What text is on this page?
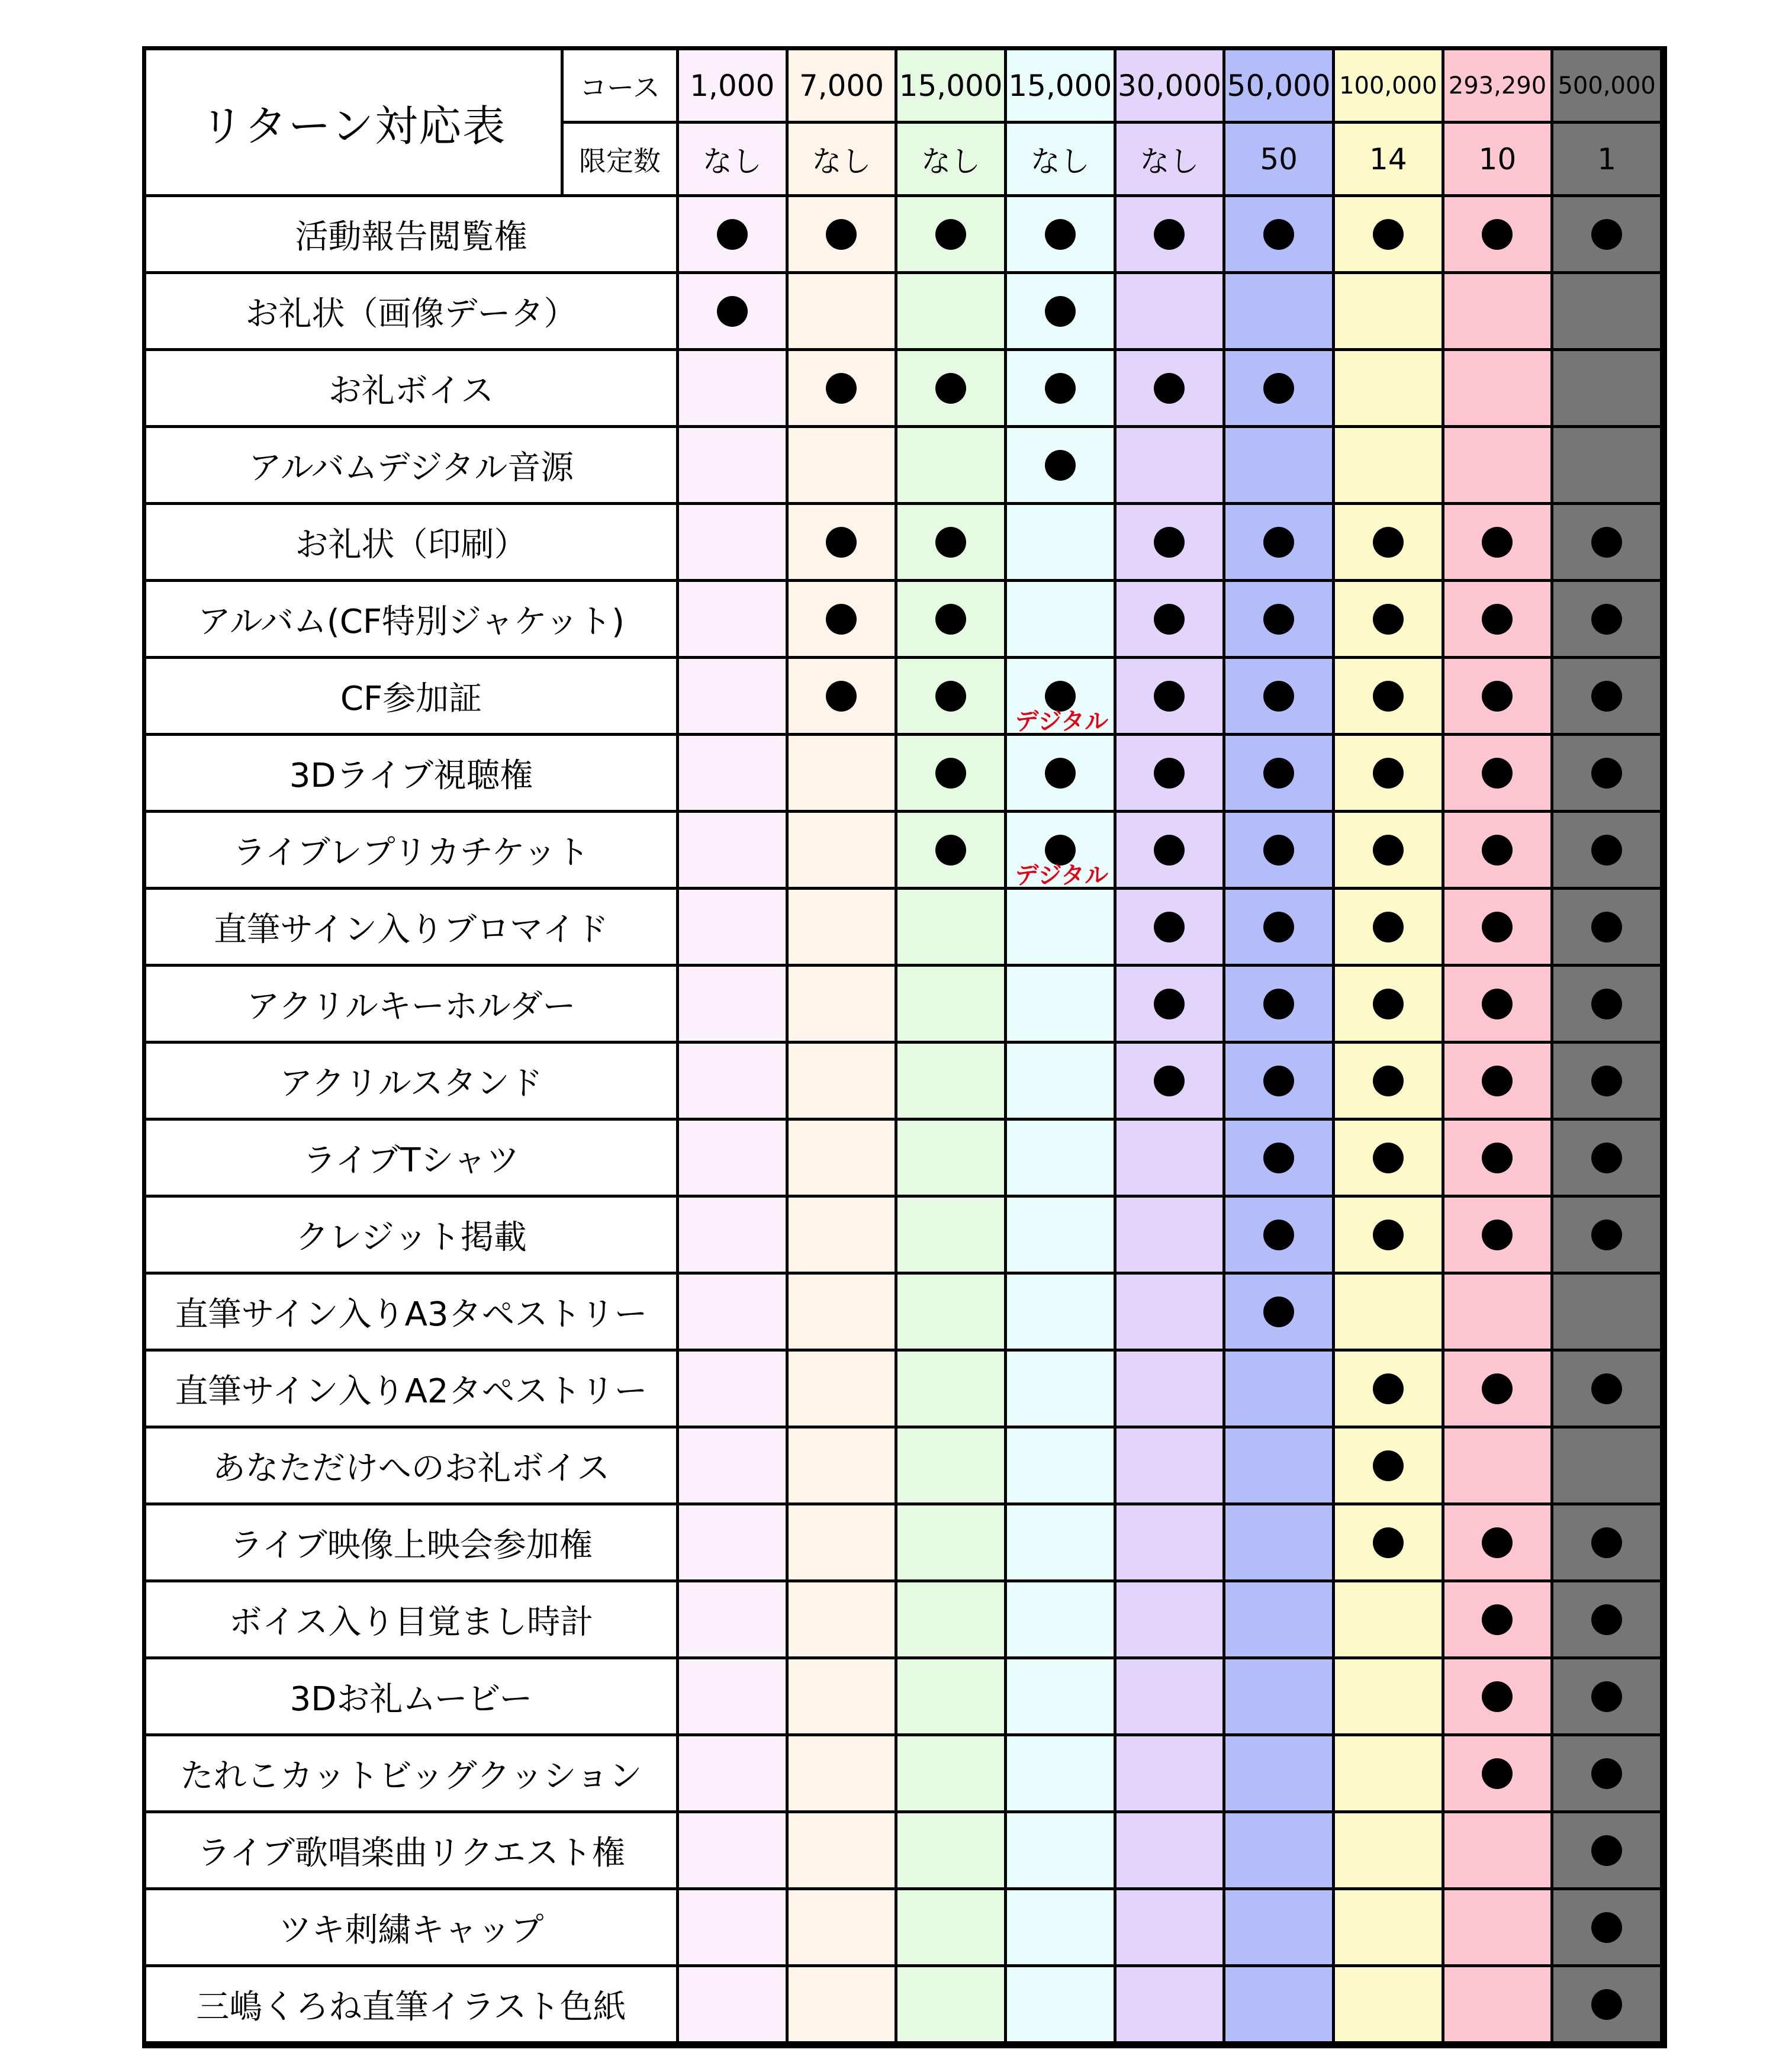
リターン対応表
コース
限定数
1,000
なし
7,000
なし
15,000
なし
15,000
なし
30,000
なし
50,000
50
100,000
14
293,290
10
500,000
1
活動報告閲覧権
お礼状（画像データ）
お礼ボイス
アルバムデジタル音源
お礼状（印刷）
アルバム(CF特別ジャケット)
CF参加証
デジタル
3Dライブ視聴権
ライブレプリカチケット
デジタル
直筆サイン入りブロマイド
アクリルキーホルダー
アクリルスタンド
ライブTシャツ
クレジット掲載
直筆サイン入りA3タペストリー
直筆サイン入りA2タペストリー
あなただけへのお礼ボイス
ライブ映像上映会参加権
ボイス入り目覚まし時計
3Dお礼ムービー
たれこカットビッグクッション
ライブ歌唱楽曲リクエスト権
ツキ刺繍キャップ
三嶋くろね直筆イラスト色紙
